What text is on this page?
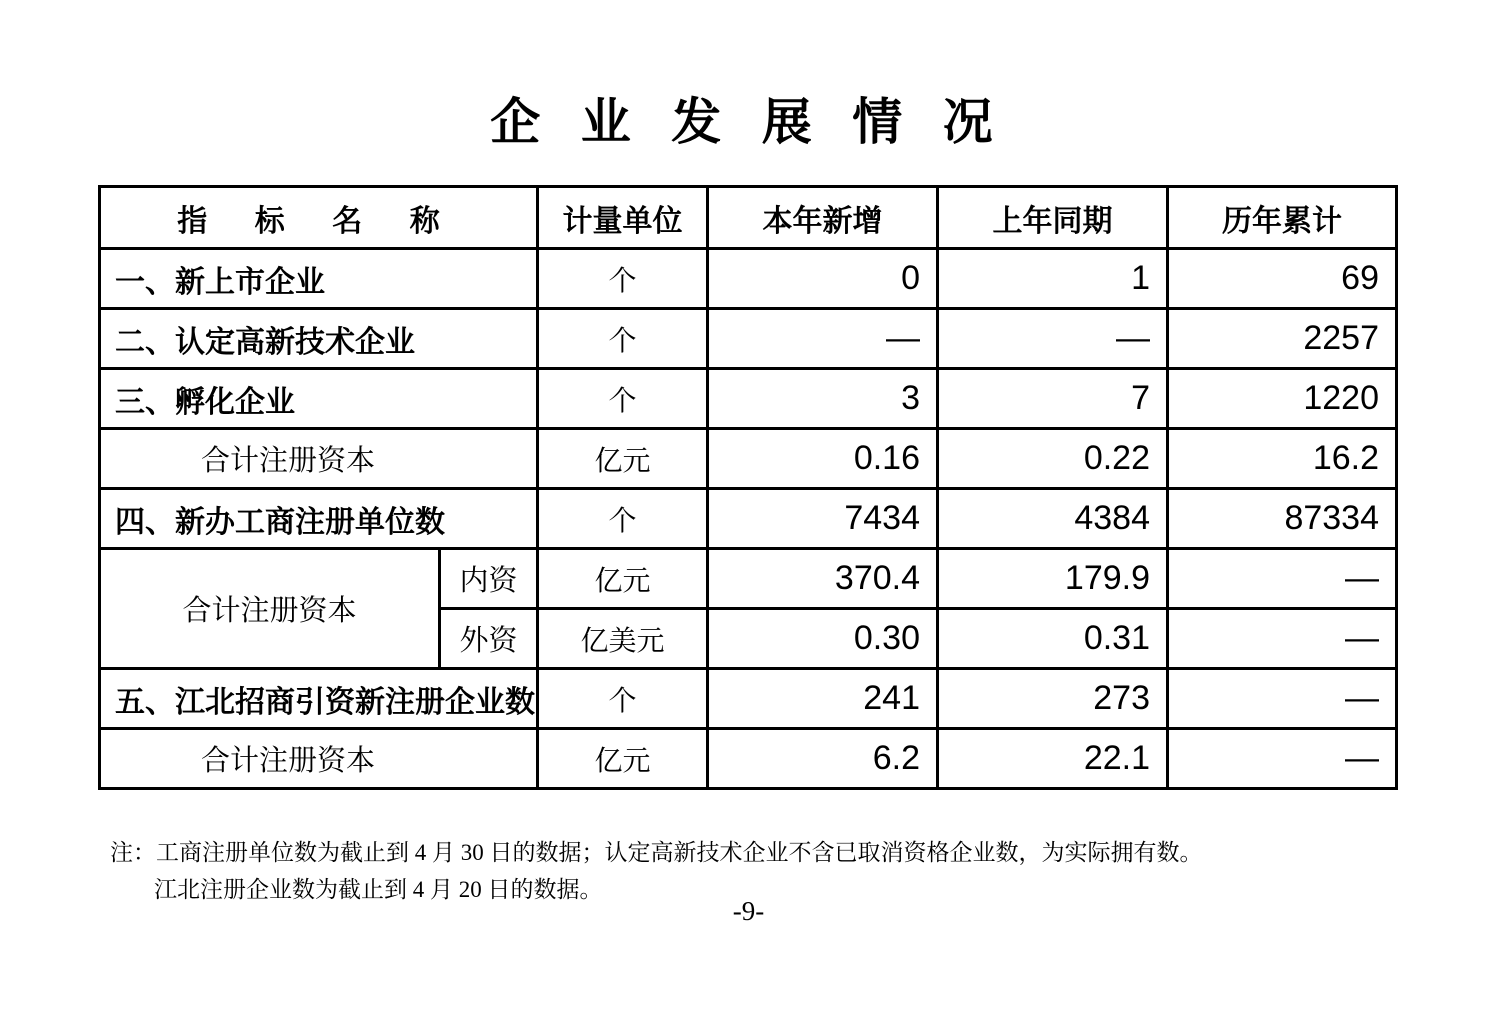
企 业 发 展 情 况
指 标 名 称		计量单位	本年新增	上年同期	历年累计
一、新上市企业		个	0	1	69
二、认定高新技术企业		个	—	—	2257
三、孵化企业		个	3	7	1220
合计注册资本		亿元	0.16	0.22	16.2
四、新办工商注册单位数		个	7434	4384	87334
合计注册资本	内资	亿元	370.4	179.9	—
	外资	亿美元	0.30	0.31	—
五、江北招商引资新注册企业数		个	241	273	—
合计注册资本		亿元	6.2	22.1	—
注：工商注册单位数为截止到 4 月 30 日的数据；认定高新技术企业不含已取消资格企业数，为实际拥有数。
江北注册企业数为截止到 4 月 20 日的数据。
-9-
